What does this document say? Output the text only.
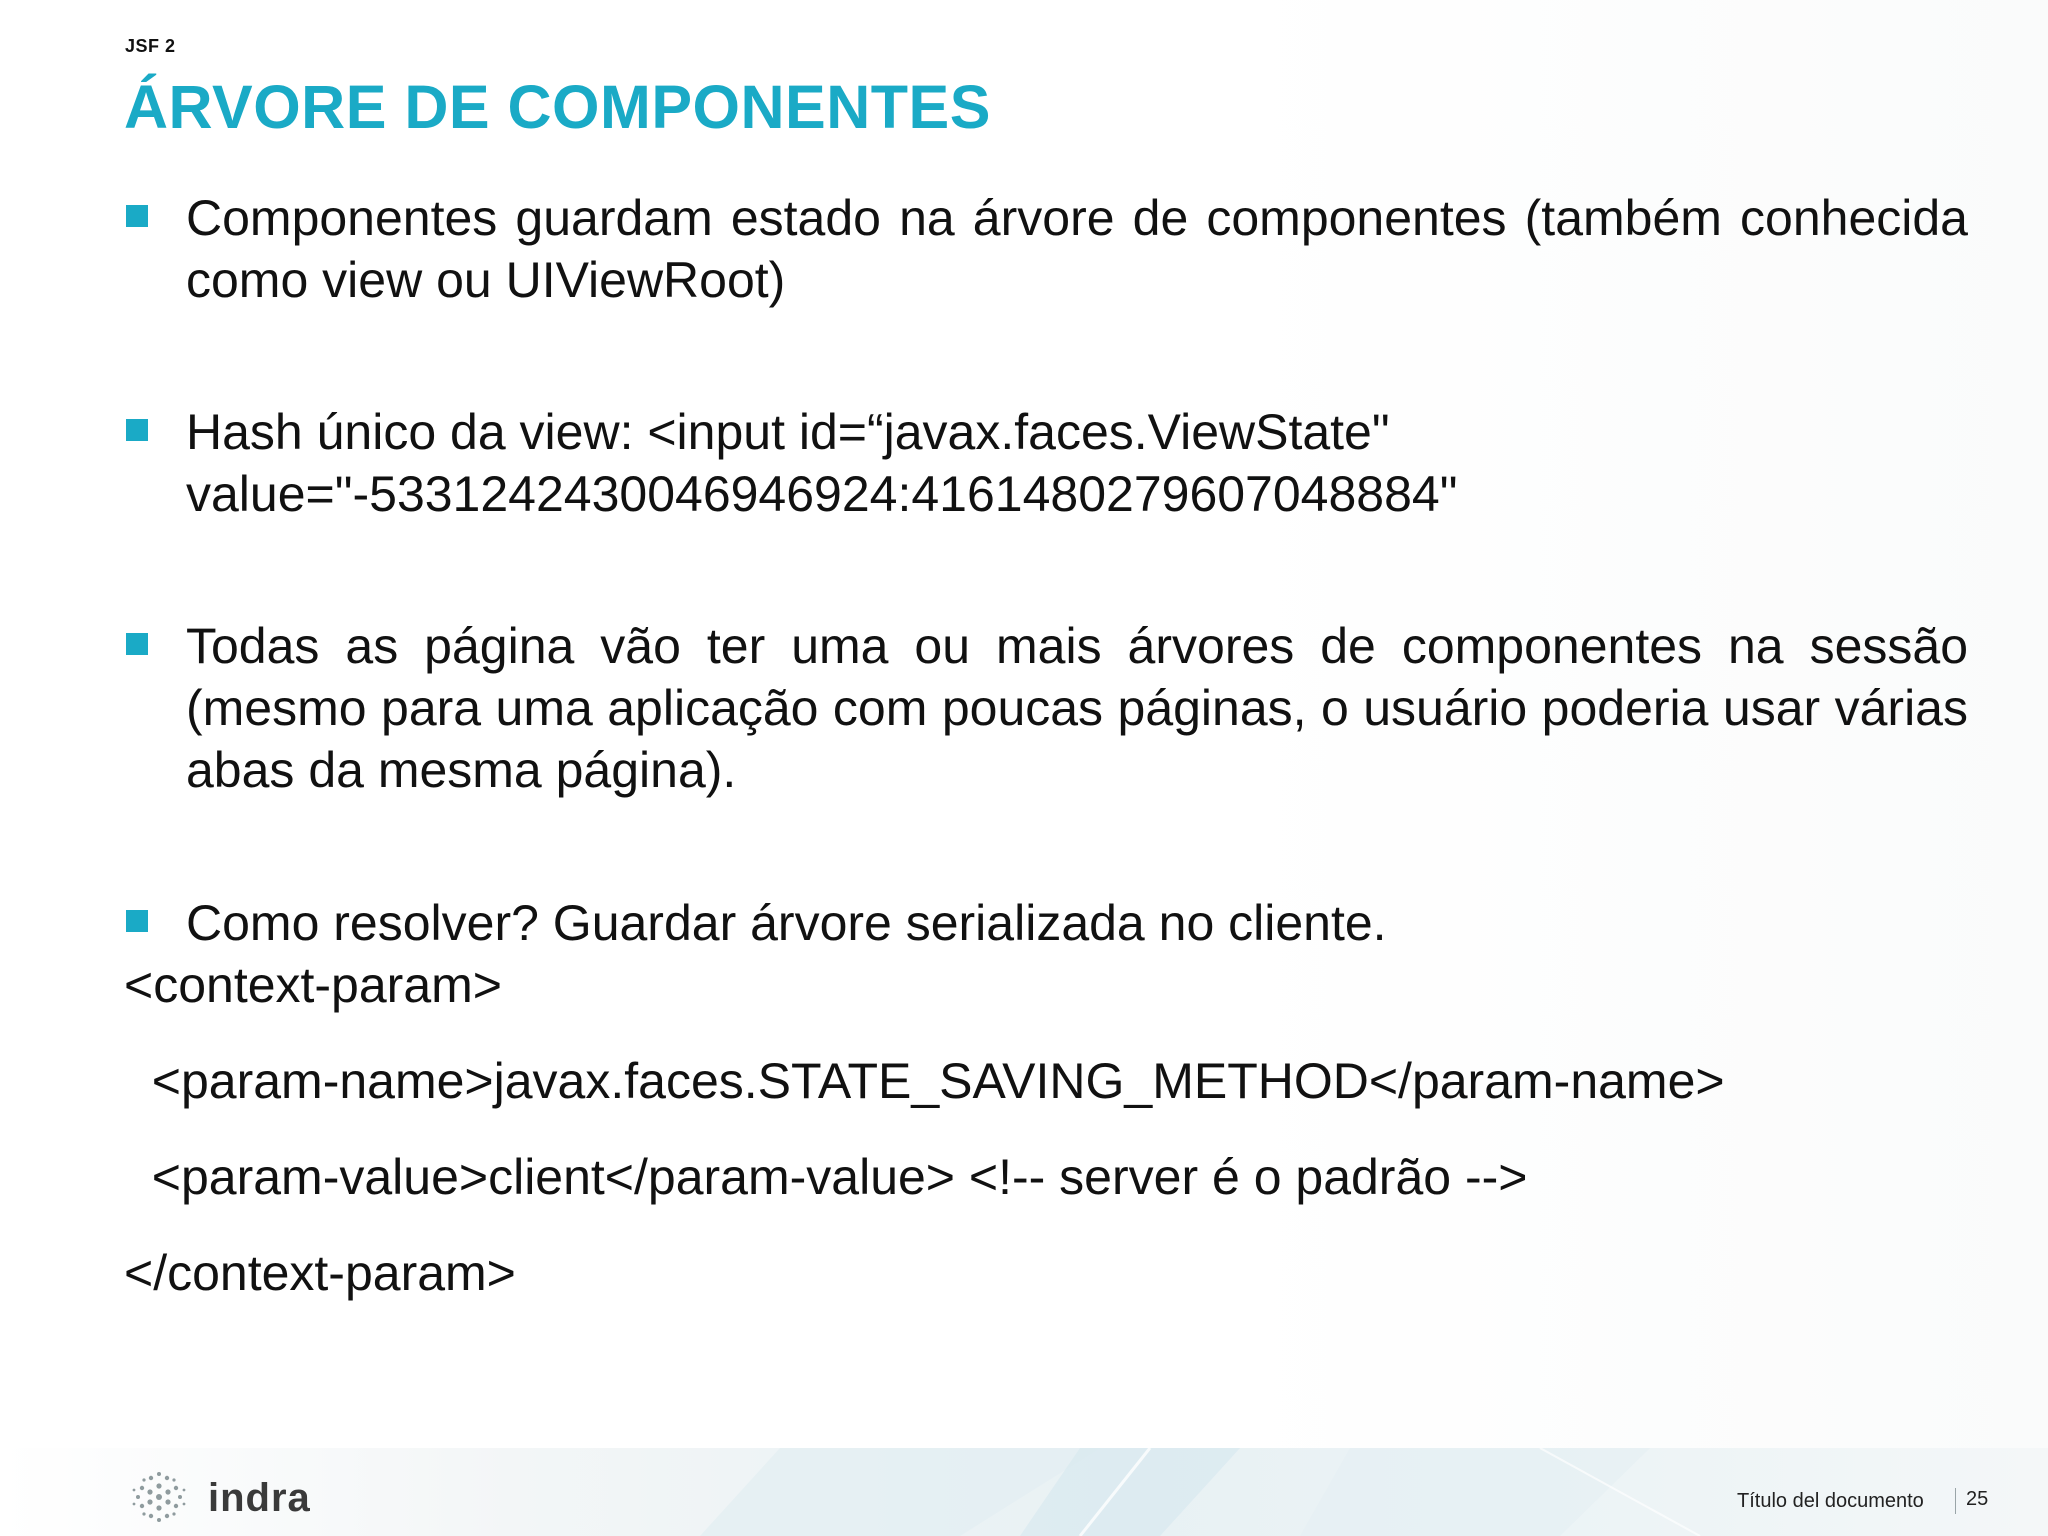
JSF 2
ÁRVORE DE COMPONENTES
Componentes guardam estado na árvore de componentes (também conhecida como view ou UIViewRoot)
Hash único da view: <input id=“javax.faces.ViewState" value="-5331242430046946924:4161480279607048884"
Todas as página vão ter uma ou mais árvores de componentes na sessão (mesmo para uma aplicação com poucas páginas, o usuário poderia usar várias abas da mesma página).
Como resolver? Guardar árvore serializada no cliente.
<context-param>
<param-name>javax.faces.STATE_SAVING_METHOD</param-name>
<param-value>client</param-value> <!-- server é o padrão -->
</context-param>
indra	Título del documento 25
